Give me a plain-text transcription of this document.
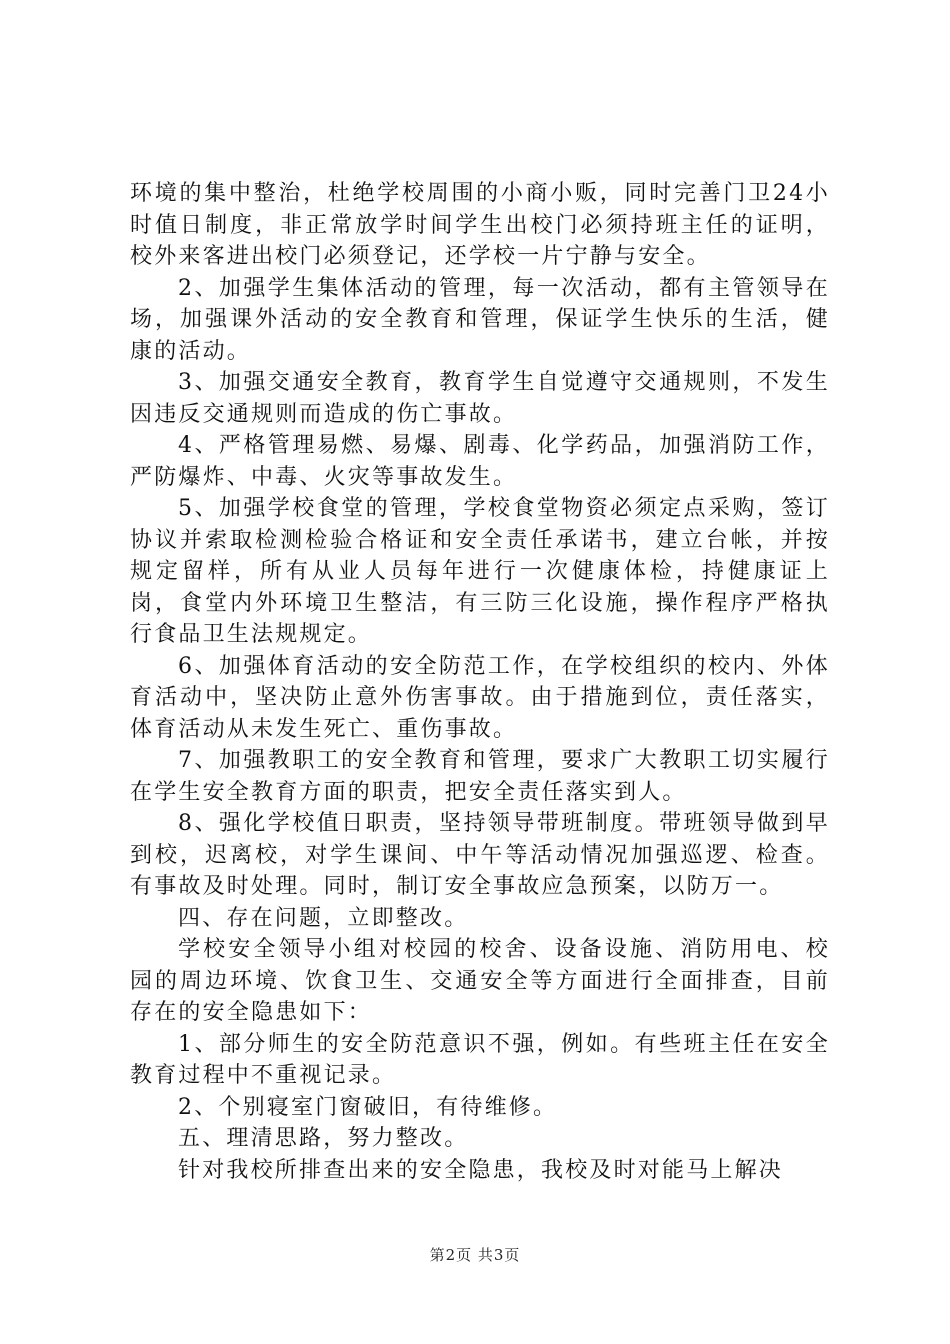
环境的集中整治，杜绝学校周围的小商小贩，同时完善门卫24小时值日制度，非正常放学时间学生出校门必须持班主任的证明，校外来客进出校门必须登记，还学校一片宁静与安全。

2、加强学生集体活动的管理，每一次活动，都有主管领导在场，加强课外活动的安全教育和管理，保证学生快乐的生活，健康的活动。

3、加强交通安全教育，教育学生自觉遵守交通规则，不发生因违反交通规则而造成的伤亡事故。

4、严格管理易燃、易爆、剧毒、化学药品，加强消防工作，严防爆炸、中毒、火灾等事故发生。

5、加强学校食堂的管理，学校食堂物资必须定点采购，签订协议并索取检测检验合格证和安全责任承诺书，建立台帐，并按规定留样，所有从业人员每年进行一次健康体检，持健康证上岗，食堂内外环境卫生整洁，有三防三化设施，操作程序严格执行食品卫生法规规定。

6、加强体育活动的安全防范工作，在学校组织的校内、外体育活动中，坚决防止意外伤害事故。由于措施到位，责任落实，体育活动从未发生死亡、重伤事故。

7、加强教职工的安全教育和管理，要求广大教职工切实履行在学生安全教育方面的职责，把安全责任落实到人。

8、强化学校值日职责，坚持领导带班制度。带班领导做到早到校，迟离校，对学生课间、中午等活动情况加强巡逻、检查。有事故及时处理。同时，制订安全事故应急预案，以防万一。

四、存在问题，立即整改。

学校安全领导小组对校园的校舍、设备设施、消防用电、校园的周边环境、饮食卫生、交通安全等方面进行全面排查，目前存在的安全隐患如下：

1、部分师生的安全防范意识不强，例如。有些班主任在安全教育过程中不重视记录。

2、个别寝室门窗破旧，有待维修。

五、理清思路，努力整改。

针对我校所排查出来的安全隐患，我校及时对能马上解决

第2页 共3页
